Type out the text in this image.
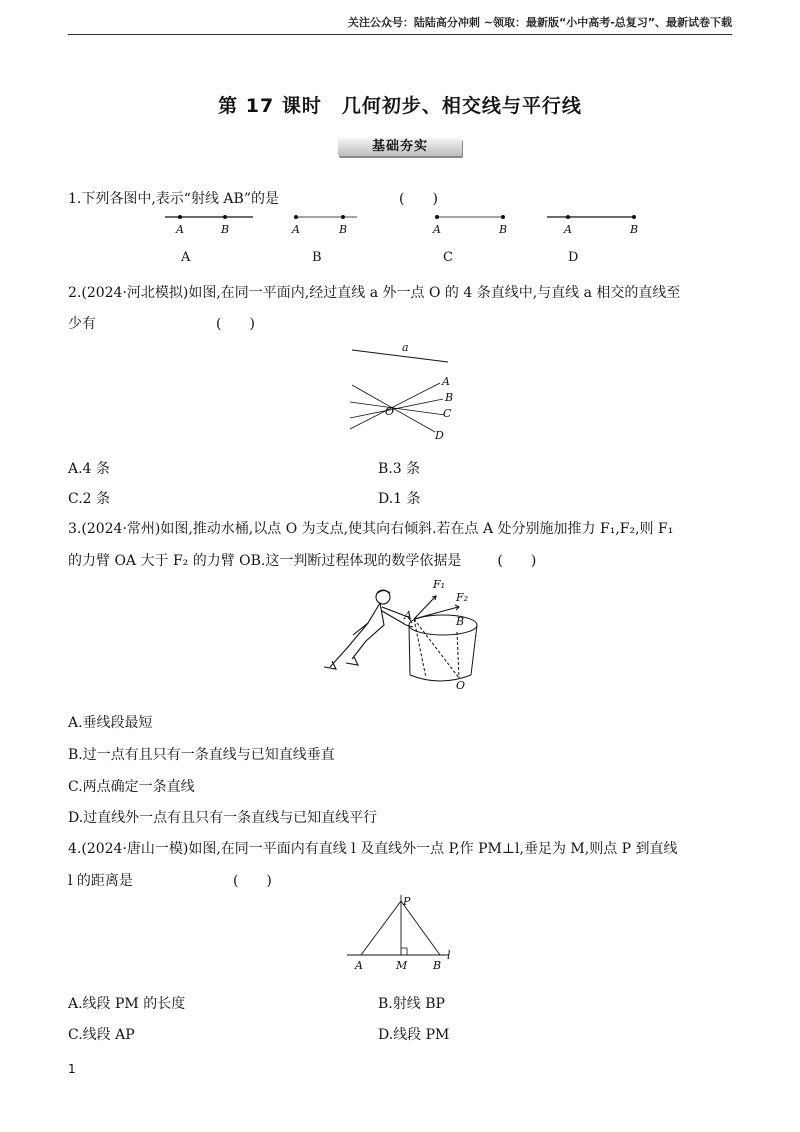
关注公众号：陆陆高分冲刺 ~领取：最新版“小中高考-总复习”、最新试卷下载
第 17 课时　几何初步、相交线与平行线
基础夯实
1.下列各图中,表示“射线 AB”的是	(　　)
A	B	A	B	A	B	A	B
A	B	C	D
2.(2024·河北模拟)如图,在同一平面内,经过直线 a 外一点 O 的 4 条直线中,与直线 a 相交的直线至
少有	(　　)
a
A
B
C
D
O
A.4 条	B.3 条
C.2 条	D.1 条
3.(2024·常州)如图,推动水桶,以点 O 为支点,使其向右倾斜.若在点 A 处分别施加推力 F₁,F₂,则 F₁
的力臂 OA 大于 F₂ 的力臂 OB.这一判断过程体现的数学依据是	(　　)
F₁
F₂
A	B
O
A.垂线段最短
B.过一点有且只有一条直线与已知直线垂直
C.两点确定一条直线
D.过直线外一点有且只有一条直线与已知直线平行
4.(2024·唐山一模)如图,在同一平面内有直线 l 及直线外一点 P,作 PM⊥l,垂足为 M,则点 P 到直线
l 的距离是	(　　)
P
A	M B
l
A.线段 PM 的长度	B.射线 BP
C.线段 AP	D.线段 PM
1
